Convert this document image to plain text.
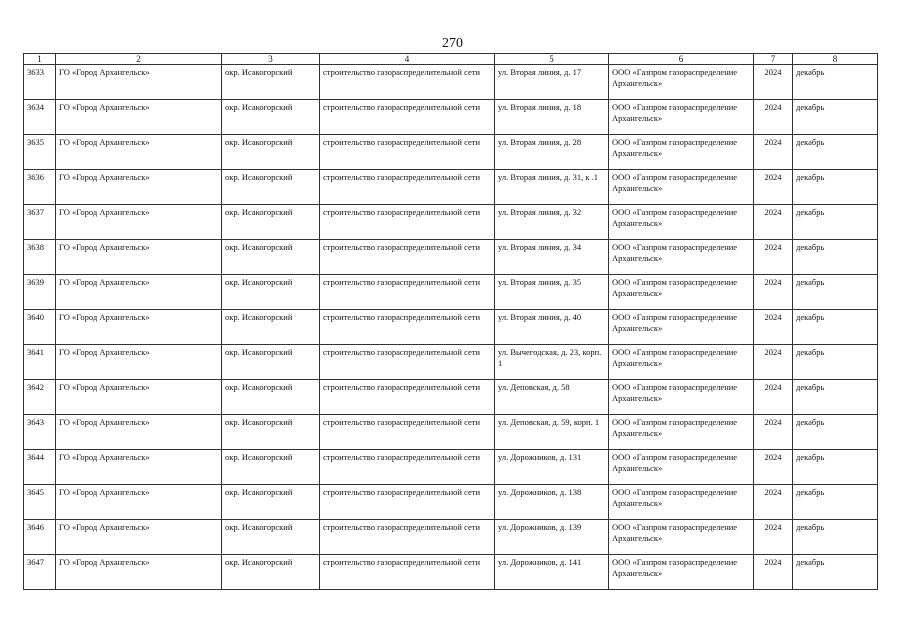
270
1	2	3	4	5	6	7	8
3633	ГО «Город Архангельск»	окр. Исакогорский	строительство газораспределительной сети	ул. Вторая линия, д. 17	ООО «Газпром газораспределение Архангельск»	2024	декабрь
3634	ГО «Город Архангельск»	окр. Исакогорский	строительство газораспределительной сети	ул. Вторая линия, д. 18	ООО «Газпром газораспределение Архангельск»	2024	декабрь
3635	ГО «Город Архангельск»	окр. Исакогорский	строительство газораспределительной сети	ул. Вторая линия, д. 28	ООО «Газпром газораспределение Архангельск»	2024	декабрь
3636	ГО «Город Архангельск»	окр. Исакогорский	строительство газораспределительной сети	ул. Вторая линия, д. 31, к .1	ООО «Газпром газораспределение Архангельск»	2024	декабрь
3637	ГО «Город Архангельск»	окр. Исакогорский	строительство газораспределительной сети	ул. Вторая линия, д. 32	ООО «Газпром газораспределение Архангельск»	2024	декабрь
3638	ГО «Город Архангельск»	окр. Исакогорский	строительство газораспределительной сети	ул. Вторая линия, д. 34	ООО «Газпром газораспределение Архангельск»	2024	декабрь
3639	ГО «Город Архангельск»	окр. Исакогорский	строительство газораспределительной сети	ул. Вторая линия, д. 35	ООО «Газпром газораспределение Архангельск»	2024	декабрь
3640	ГО «Город Архангельск»	окр. Исакогорский	строительство газораспределительной сети	ул. Вторая линия, д. 40	ООО «Газпром газораспределение Архангельск»	2024	декабрь
3641	ГО «Город Архангельск»	окр. Исакогорский	строительство газораспределительной сети	ул. Вычегодская, д. 23, корп. 1	ООО «Газпром газораспределение Архангельск»	2024	декабрь
3642	ГО «Город Архангельск»	окр. Исакогорский	строительство газораспределительной сети	ул. Деповская, д. 58	ООО «Газпром газораспределение Архангельск»	2024	декабрь
3643	ГО «Город Архангельск»	окр. Исакогорский	строительство газораспределительной сети	ул. Деповская, д. 59, корп. 1	ООО «Газпром газораспределение Архангельск»	2024	декабрь
3644	ГО «Город Архангельск»	окр. Исакогорский	строительство газораспределительной сети	ул. Дорожников, д. 131	ООО «Газпром газораспределение Архангельск»	2024	декабрь
3645	ГО «Город Архангельск»	окр. Исакогорский	строительство газораспределительной сети	ул. Дорожников, д. 138	ООО «Газпром газораспределение Архангельск»	2024	декабрь
3646	ГО «Город Архангельск»	окр. Исакогорский	строительство газораспределительной сети	ул. Дорожников, д. 139	ООО «Газпром газораспределение Архангельск»	2024	декабрь
3647	ГО «Город Архангельск»	окр. Исакогорский	строительство газораспределительной сети	ул. Дорожников, д. 141	ООО «Газпром газораспределение Архангельск»	2024	декабрь
